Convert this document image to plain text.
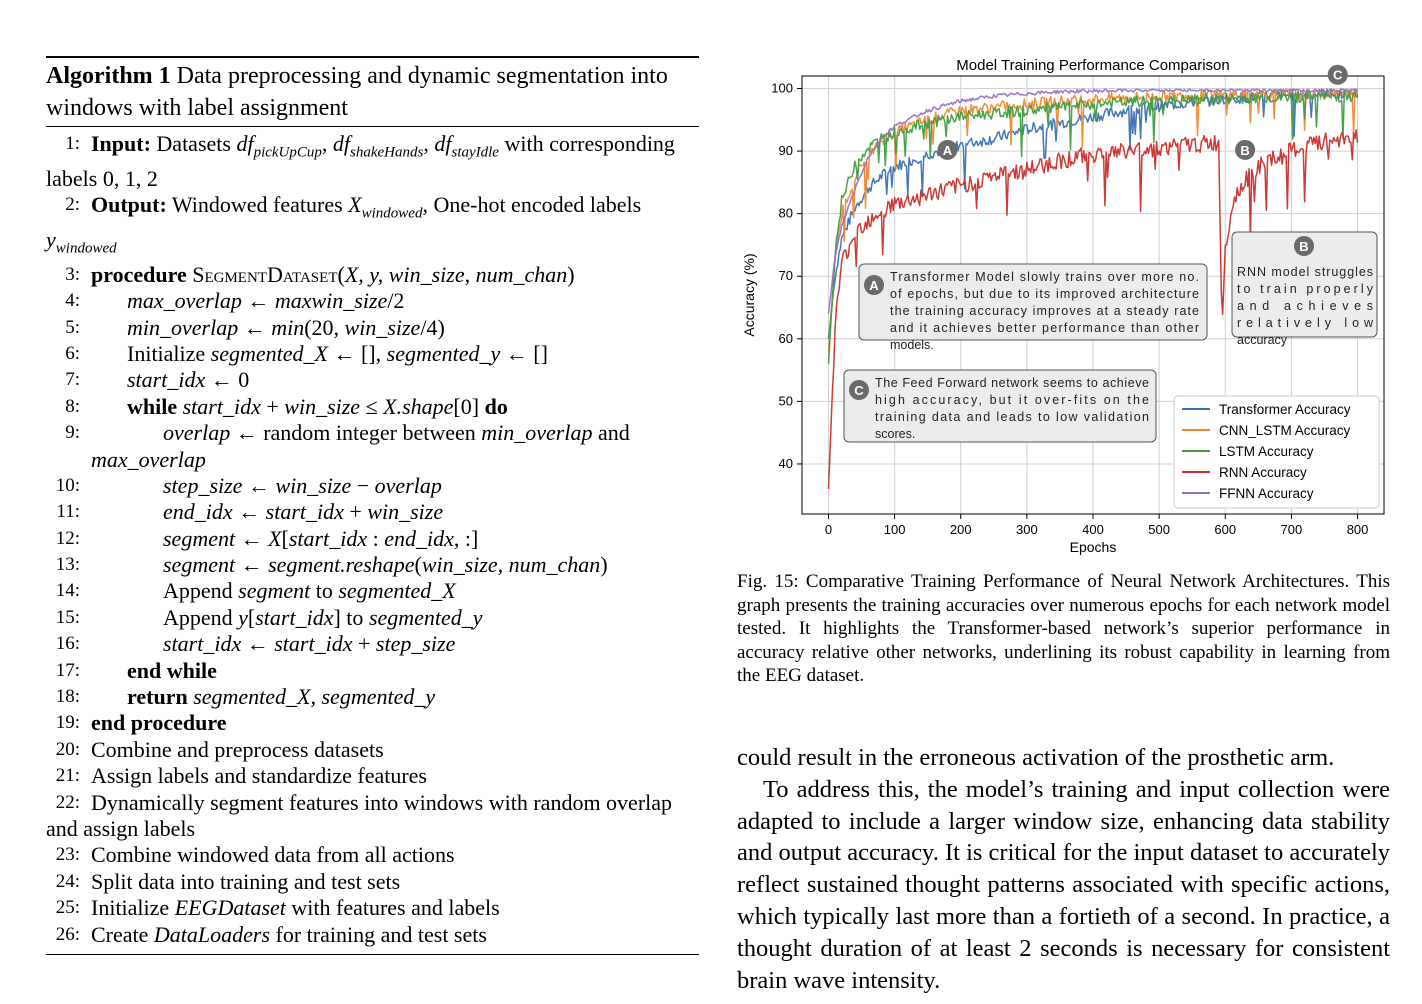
Algorithm 1 Data preprocessing and dynamic segmentation into windows with label assignment
1: Input: Datasets $df_{pickUpCup}$, $df_{shakeHands}$, $df_{stayIdle}$ with corresponding labels 0, 1, 2
2: Output: Windowed features $X_{windowed}$, One-hot encoded labels $y_{windowed}$
3: procedure SegmentDataset(X, y, win_size, num_chan)
4: max_overlap ← maxwin_size/2
5: min_overlap ← min(20, win_size/4)
6: Initialize segmented_X ← [], segmented_y ← []
7: start_idx ← 0
8: while start_idx + win_size ≤ X.shape[0] do
9:	overlap ← random integer between min_overlap and
max_overlap
10:	step_size ← win_size − overlap
11:	end_idx ← start_idx + win_size
12:	segment ← X[start_idx : end_idx, :]
13:	segment ← segment.reshape(win_size, num_chan)
14:	Append segment to segmented_X
15:	Append y[start_idx] to segmented_y
16:	start_idx ← start_idx + step_size
17: end while
18: return segmented_X, segmented_y
19: end procedure
20: Combine and preprocess datasets
21: Assign labels and standardize features
22: Dynamically segment features into windows with random overlap and assign labels
23: Combine windowed data from all actions
24: Split data into training and test sets
25: Initialize EEGDataset with features and labels
26: Create DataLoaders for training and test sets
Model Training Performance Comparison
0	100	200	300	400	500	600	700	800
40
50
60
70
80
90
100
Epochs
Accuracy (%)	A
Transformer Model slowly trains over more no.
of epochs, but due to its improved architecture
the training accuracy improves at a steady rate
and it achieves better performance than other
models.
B
RNN model struggles
to train properly
and achieves
relatively low
accuracy
C The Feed Forward network seems to achieve
high accuracy, but it over-fits on the
training data and leads to low validation
scores.
A	B
C
Transformer Accuracy
CNN_LSTM Accuracy
LSTM Accuracy
RNN Accuracy
FFNN Accuracy
Fig. 15: Comparative Training Performance of Neural Network Architectures. This graph presents the training accuracies over numerous epochs for each network model tested. It highlights the Transformer-based network’s superior performance in accuracy relative other networks, underlining its robust capability in learning from the EEG dataset.

could result in the erroneous activation of the prosthetic arm.

To address this, the model’s training and input collection were adapted to include a larger window size, enhancing data stability and output accuracy. It is critical for the input dataset to accurately reflect sustained thought patterns associated with specific actions, which typically last more than a fortieth of a second. In practice, a thought duration of at least 2 seconds is necessary for consistent brain wave intensity.
